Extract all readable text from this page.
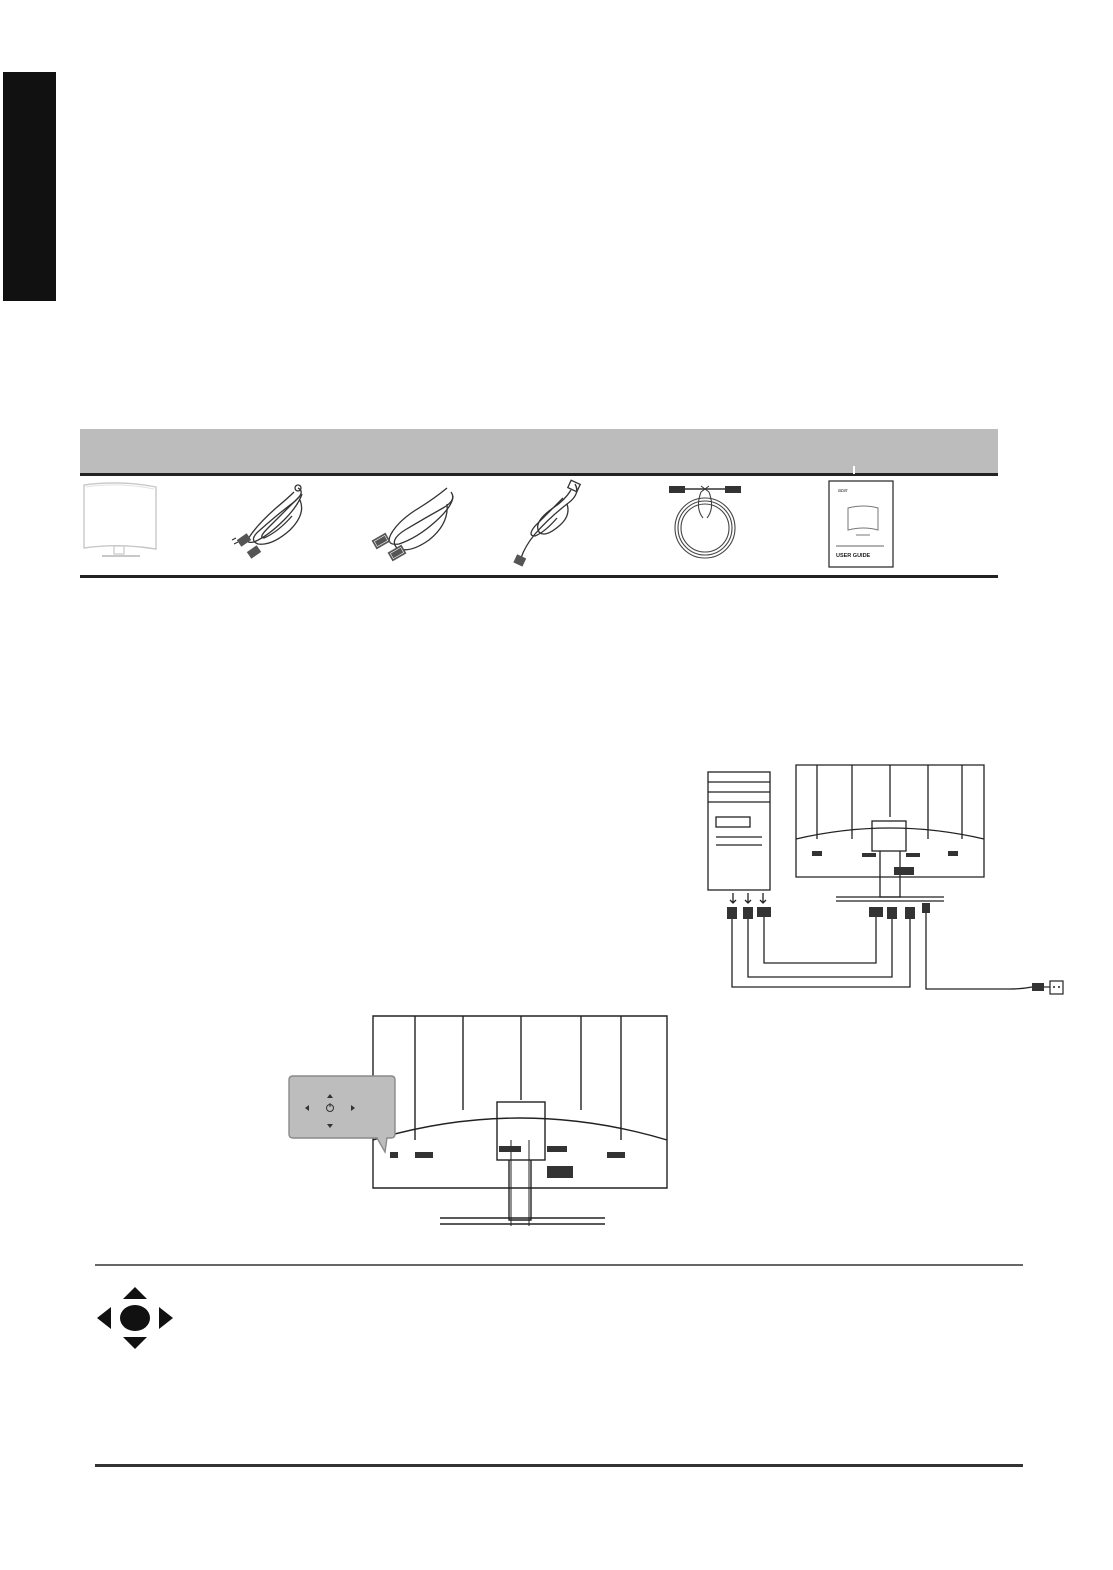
acer
USER GUIDE
